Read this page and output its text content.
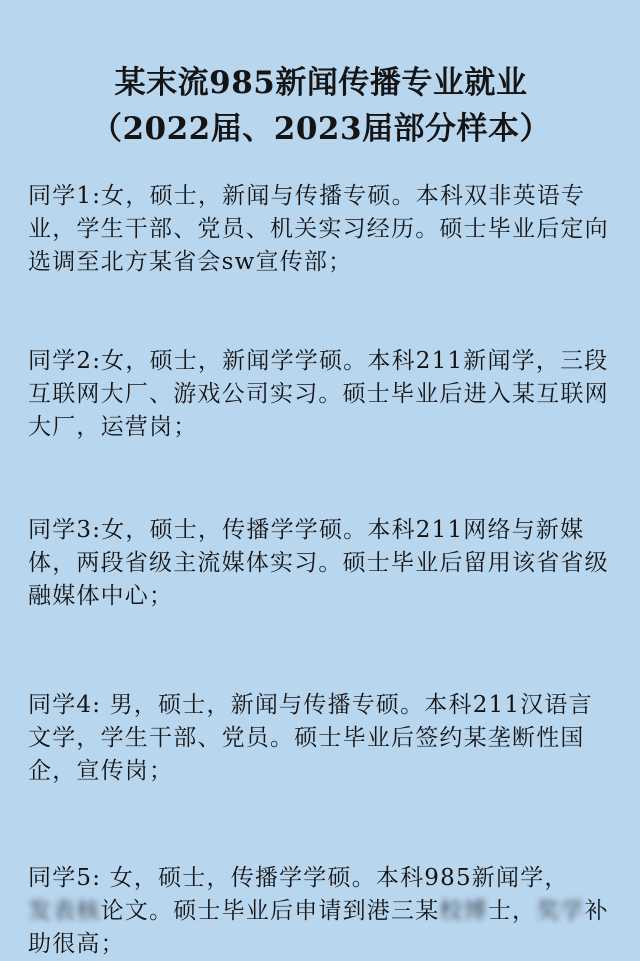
某末流985新闻传播专业就业
（2022届、2023届部分样本）

同学1:女，硕士，新闻与传播专硕。本科双非英语专业，学生干部、党员、机关实习经历。硕士毕业后定向选调至北方某省会sw宣传部；

同学2:女，硕士，新闻学学硕。本科211新闻学，三段互联网大厂、游戏公司实习。硕士毕业后进入某互联网大厂，运营岗；

同学3:女，硕士，传播学学硕。本科211网络与新媒体，两段省级主流媒体实习。硕士毕业后留用该省省级融媒体中心；

同学4: 男，硕士，新闻与传播专硕。本科211汉语言文学，学生干部、党员。硕士毕业后签约某垄断性国企，宣传岗；

同学5: 女，硕士，传播学学硕。本科985新闻学，发表核论文。硕士毕业后申请到港三某校博士，奖学补助很高；
